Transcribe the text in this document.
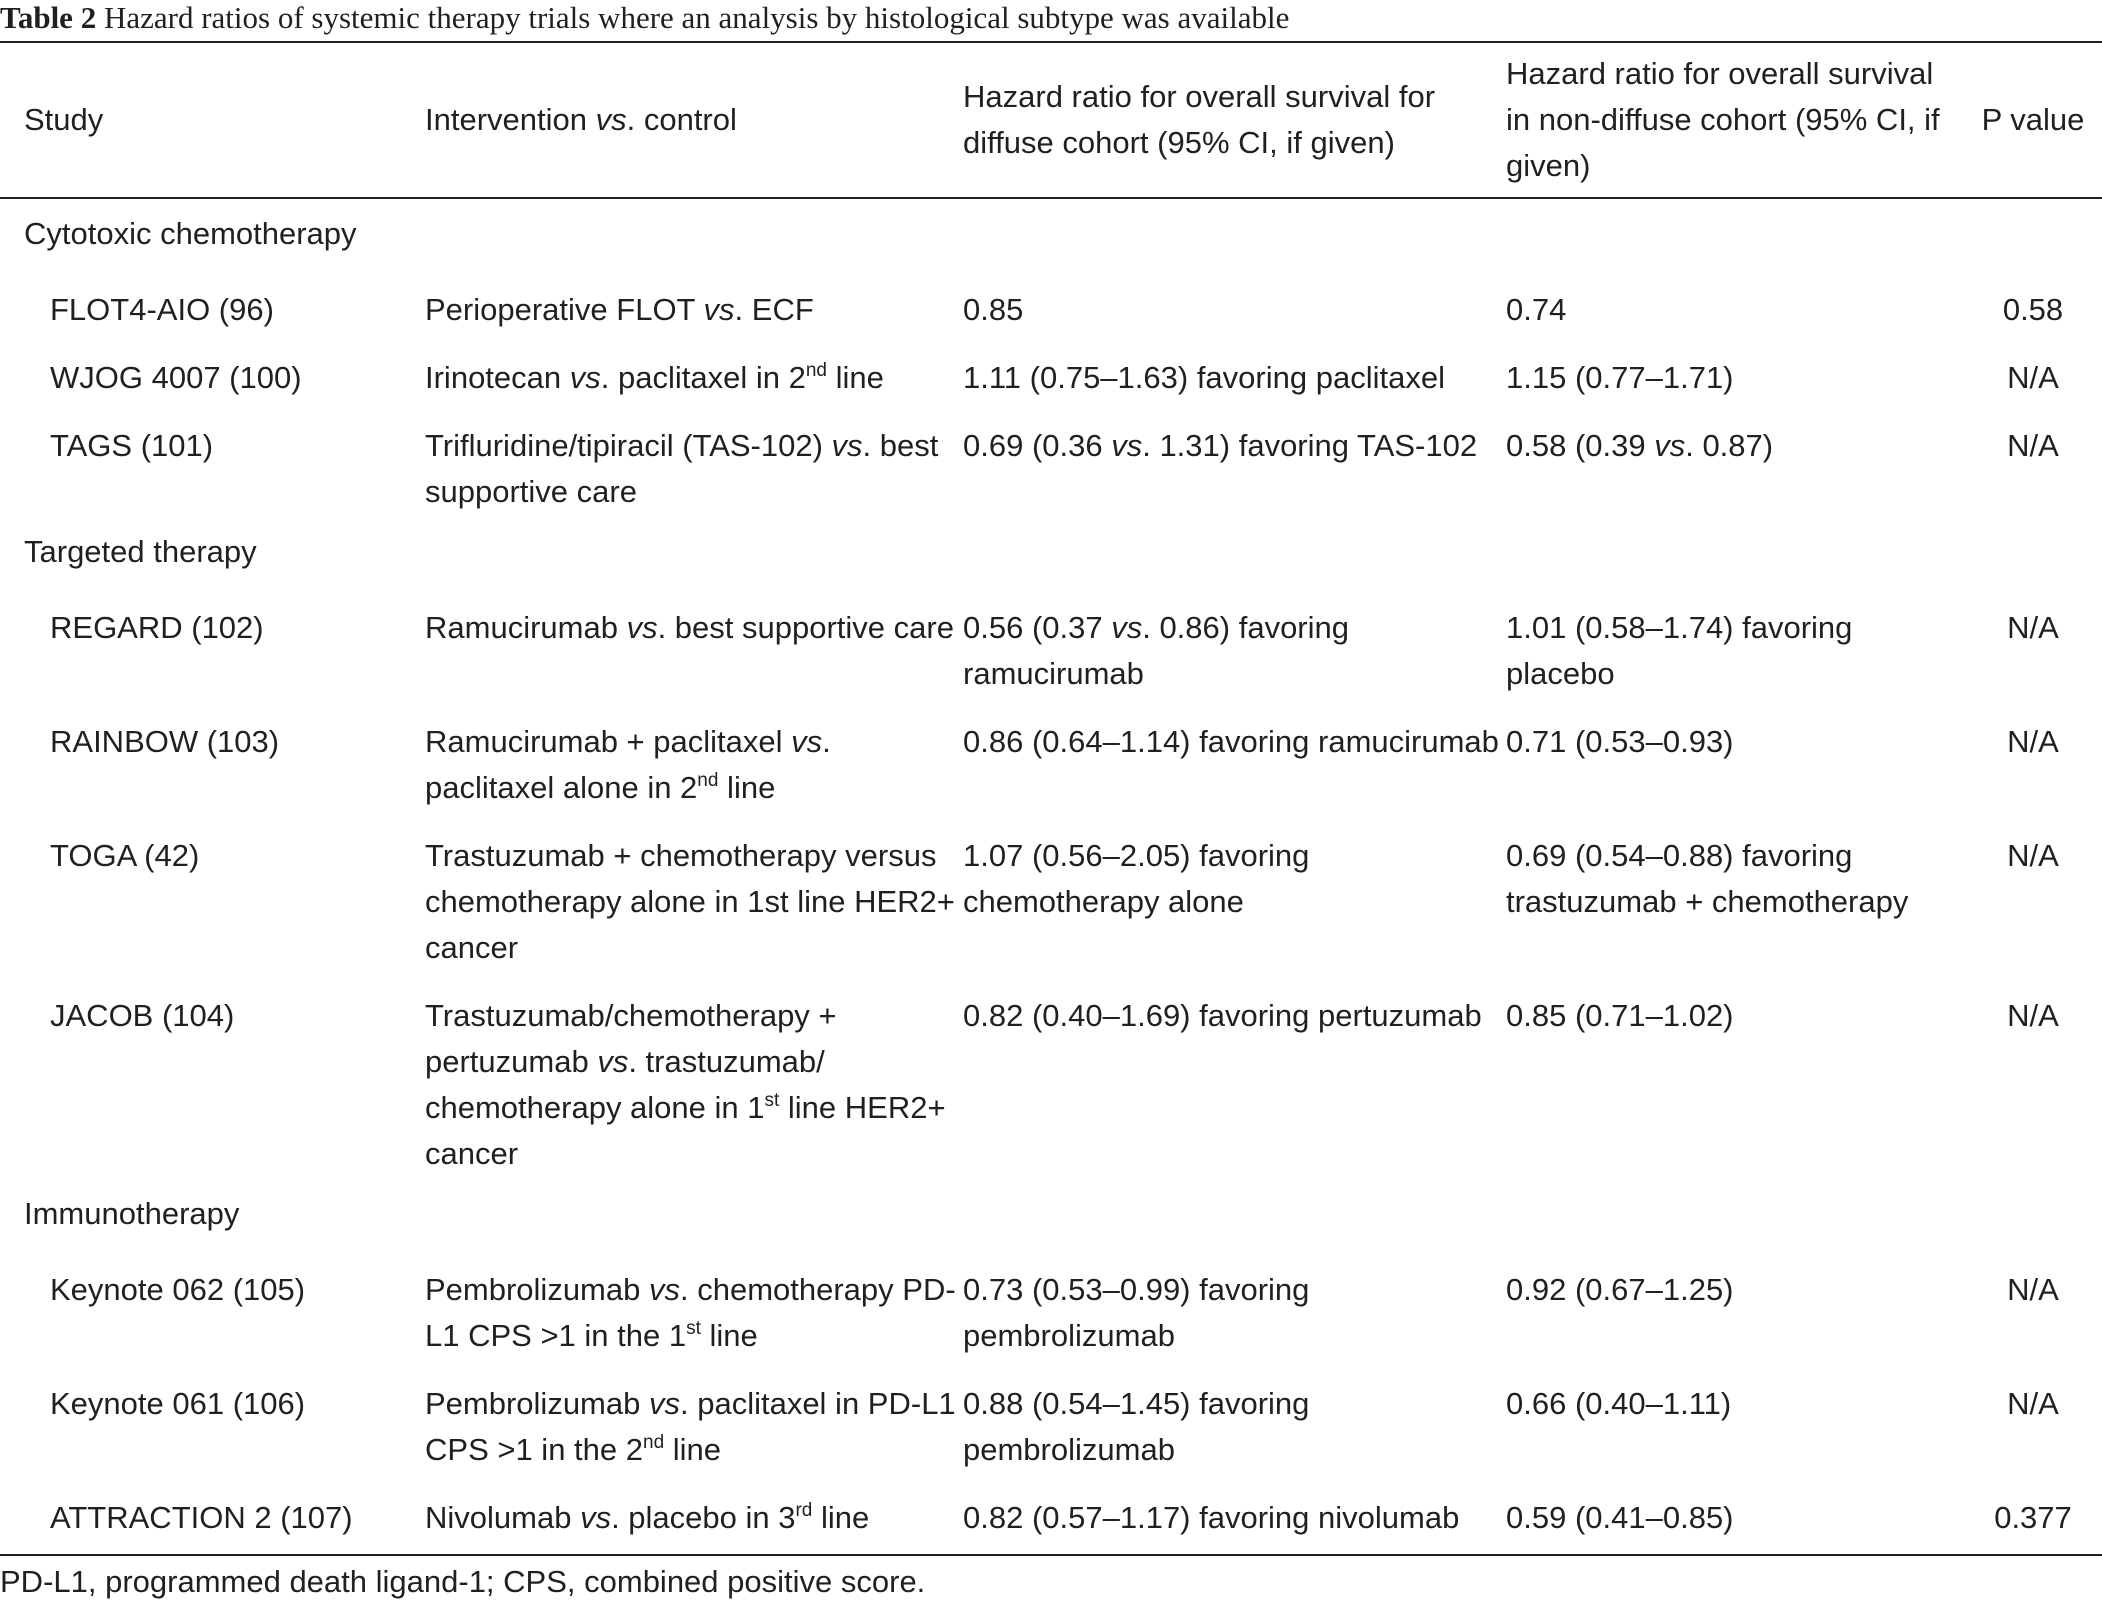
Table 2 Hazard ratios of systemic therapy trials where an analysis by histological subtype was available
Study	Intervention vs. control	Hazard ratio for overall survival for diffuse cohort (95% CI, if given)	Hazard ratio for overall survival in non-diffuse cohort (95% CI, if given)	P value
Cytotoxic chemotherapy				
FLOT4-AIO (96)	Perioperative FLOT vs. ECF	0.85	0.74	0.58
WJOG 4007 (100)	Irinotecan vs. paclitaxel in 2nd line	1.11 (0.75–1.63) favoring paclitaxel	1.15 (0.77–1.71)	N/A
TAGS (101)	Trifluridine/tipiracil (TAS-102) vs. best supportive care	0.69 (0.36 vs. 1.31) favoring TAS-102	0.58 (0.39 vs. 0.87)	N/A
Targeted therapy				
REGARD (102)	Ramucirumab vs. best supportive care	0.56 (0.37 vs. 0.86) favoring ramucirumab	1.01 (0.58–1.74) favoring placebo	N/A
RAINBOW (103)	Ramucirumab + paclitaxel vs. paclitaxel alone in 2nd line	0.86 (0.64–1.14) favoring ramucirumab	0.71 (0.53–0.93)	N/A
TOGA (42)	Trastuzumab + chemotherapy versus chemotherapy alone in 1st line HER2+ cancer	1.07 (0.56–2.05) favoring chemotherapy alone	0.69 (0.54–0.88) favoring trastuzumab + chemotherapy	N/A
JACOB (104)	Trastuzumab/chemotherapy + pertuzumab vs. trastuzumab/ chemotherapy alone in 1st line HER2+ cancer	0.82 (0.40–1.69) favoring pertuzumab	0.85 (0.71–1.02)	N/A
Immunotherapy				
Keynote 062 (105)	Pembrolizumab vs. chemotherapy PD-L1 CPS >1 in the 1st line	0.73 (0.53–0.99) favoring pembrolizumab	0.92 (0.67–1.25)	N/A
Keynote 061 (106)	Pembrolizumab vs. paclitaxel in PD-L1 CPS >1 in the 2nd line	0.88 (0.54–1.45) favoring pembrolizumab	0.66 (0.40–1.11)	N/A
ATTRACTION 2 (107)	Nivolumab vs. placebo in 3rd line	0.82 (0.57–1.17) favoring nivolumab	0.59 (0.41–0.85)	0.377
PD-L1, programmed death ligand-1; CPS, combined positive score.
